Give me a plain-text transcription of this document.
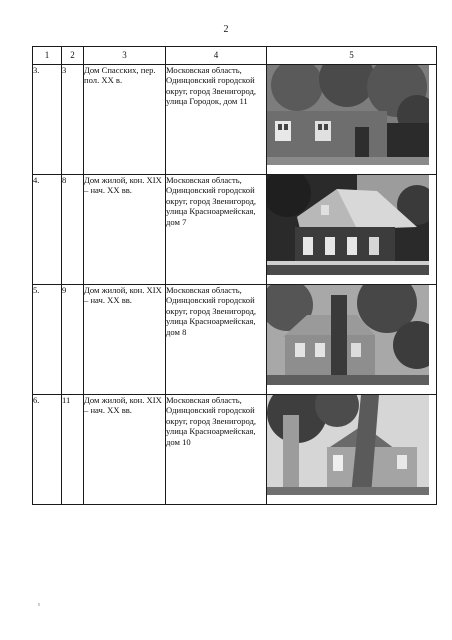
2
1	2	3	4	5
3.	3	Дом Спасских, пер. пол. XX в.	Московская область, Одинцовский городской округ, город Звенигород, улица Городок, дом 11	

4.	8	Дом жилой, кон. XIX – нач. XX вв.	Московская область, Одинцовский городской округ, город Звенигород, улица Красноармейская, дом 7	

5.	9	Дом жилой, кон. XIX – нач. XX вв.	Московская область, Одинцовский городской округ, город Звенигород, улица Красноармейская, дом 8	

6.	11	Дом жилой, кон. XIX – нач. XX вв.	Московская область, Одинцовский городской округ, город Звенигород, улица Красноармейская, дом 10	
